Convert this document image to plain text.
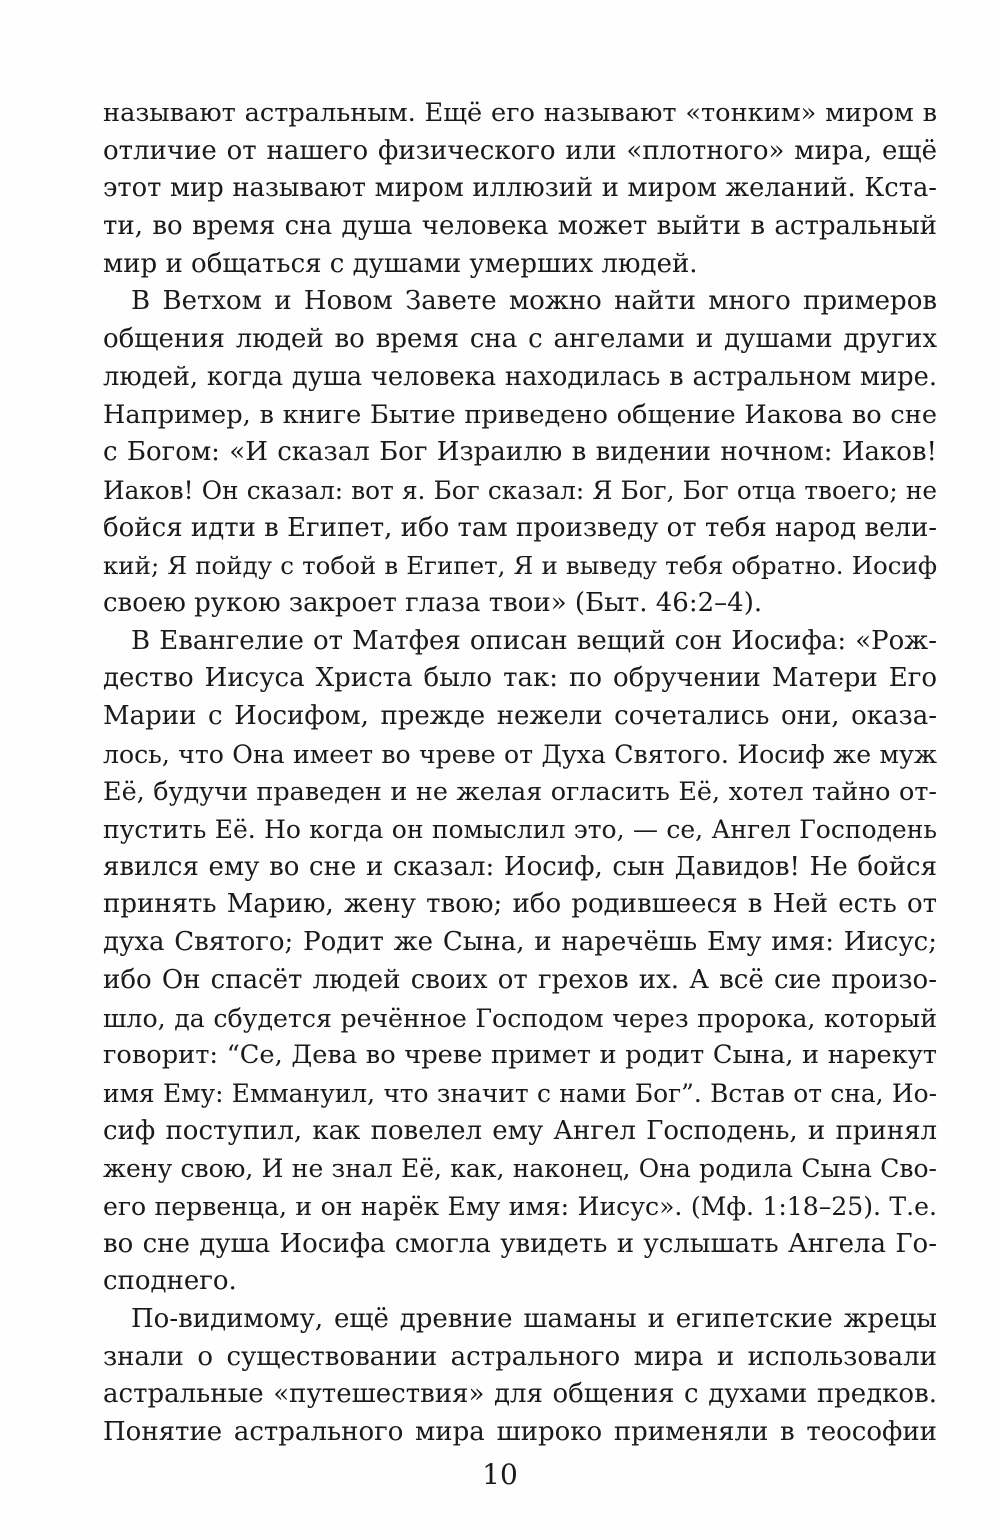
называют астральным. Ещё его называют «тонким» миром в
отличие от нашего физического или «плотного» мира, ещё
этот мир называют миром иллюзий и миром желаний. Кста-
ти, во время сна душа человека может выйти в астральный
мир и общаться с душами умерших людей.
В Ветхом и Новом Завете можно найти много примеров
общения людей во время сна с ангелами и душами других
людей, когда душа человека находилась в астральном мире.
Например, в книге Бытие приведено общение Иакова во сне
с Богом: «И сказал Бог Израилю в видении ночном: Иаков!
Иаков! Он сказал: вот я. Бог сказал: Я Бог, Бог отца твоего; не
бойся идти в Египет, ибо там произведу от тебя народ вели-
кий; Я пойду с тобой в Египет, Я и выведу тебя обратно. Иосиф
своею рукою закроет глаза твои» (Быт. 46:2–4).
В Евангелие от Матфея описан вещий сон Иосифа: «Рож-
дество Иисуса Христа было так: по обручении Матери Его
Марии с Иосифом, прежде нежели сочетались они, оказа-
лось, что Она имеет во чреве от Духа Святого. Иосиф же муж
Её, будучи праведен и не желая огласить Её, хотел тайно от-
пустить Её. Но когда он помыслил это, — се, Ангел Господень
явился ему во сне и сказал: Иосиф, сын Давидов! Не бойся
принять Марию, жену твою; ибо родившееся в Ней есть от
духа Святого; Родит же Сына, и наречёшь Ему имя: Иисус;
ибо Он спасёт людей своих от грехов их. А всё сие произо-
шло, да сбудется речённое Господом через пророка, который
говорит: “Се, Дева во чреве примет и родит Сына, и нарекут
имя Ему: Еммануил, что значит с нами Бог”. Встав от сна, Ио-
сиф поступил, как повелел ему Ангел Господень, и принял
жену свою, И не знал Её, как, наконец, Она родила Сына Сво-
его первенца, и он нарёк Ему имя: Иисус». (Мф. 1:18–25). Т.е.
во сне душа Иосифа смогла увидеть и услышать Ангела Го-
споднего.
По-видимому, ещё древние шаманы и египетские жрецы
знали о существовании астрального мира и использовали
астральные «путешествия» для общения с духами предков.
Понятие астрального мира широко применяли в теософии
10
